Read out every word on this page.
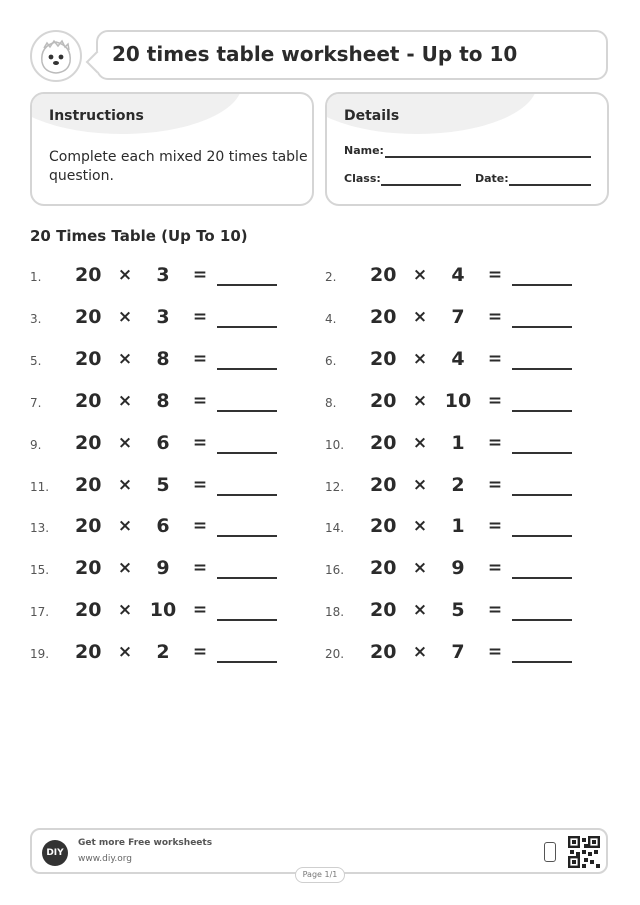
20 times table worksheet - Up to 10
Instructions
Complete each mixed 20 times table question.
Details
Name:
Class:	Date:
20 Times Table (Up To 10)
1. 20 ×	3	=	2. 20 ×	4	=
3. 20 ×	3	=	4. 20 ×	7	=
5. 20 ×	8	=	6. 20 ×	4	=
7. 20 ×	8	=	8. 20 × 10 =
9. 20 ×	6	=	10. 20 ×	1	=
11. 20 ×	5	=	12. 20 ×	2	=
13. 20 ×	6	=	14. 20 ×	1	=
15. 20 ×	9	=	16. 20 ×	9	=
17. 20 × 10 =	18. 20 ×	5	=
19. 20 ×	2	=	20. 20 ×	7	=
DIY
Get more Free worksheets
www.diy.org
Page 1/1
